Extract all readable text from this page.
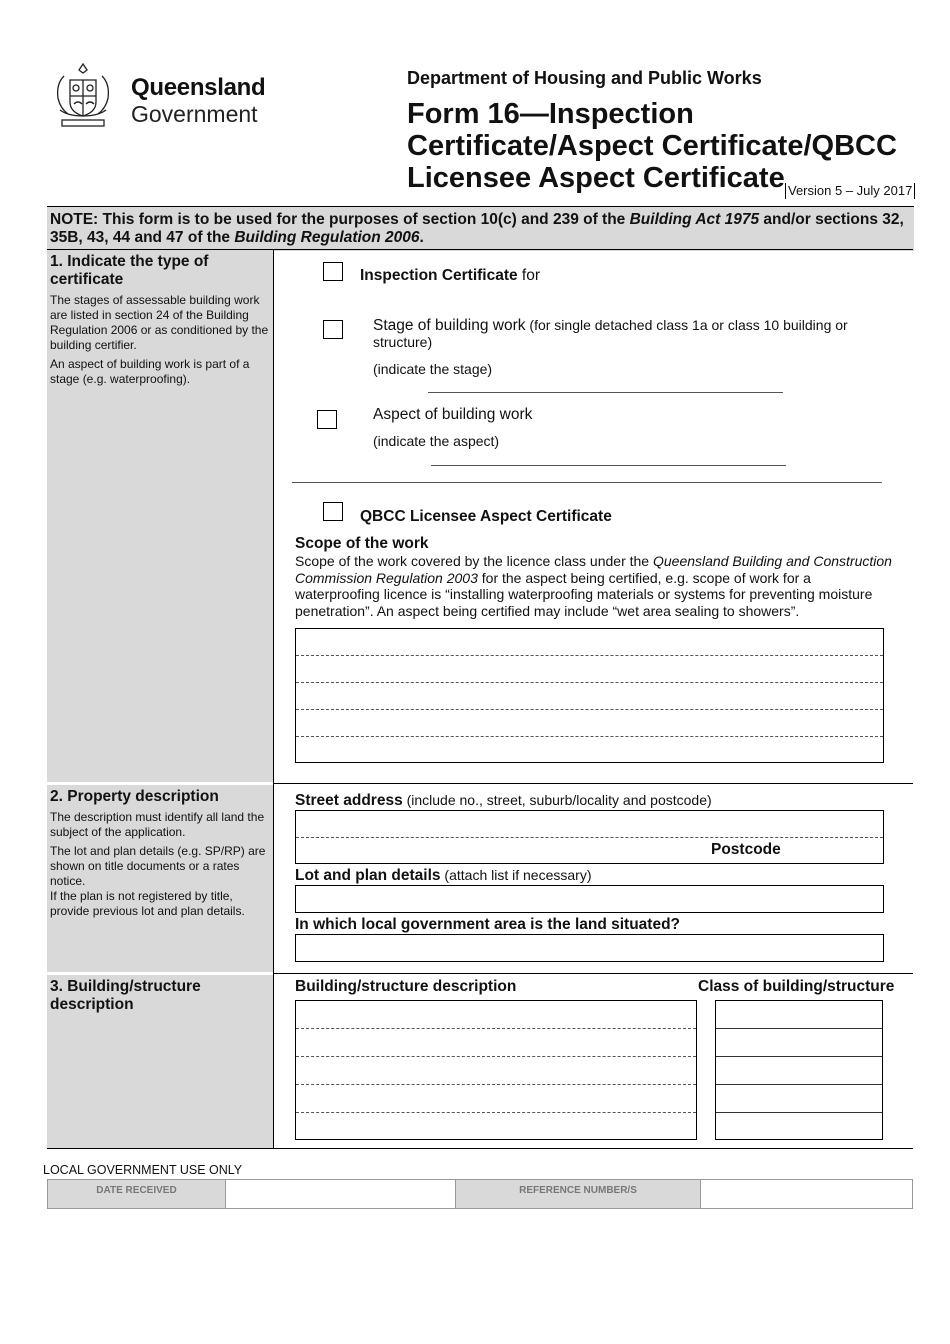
Queensland
Government
Department of Housing and Public Works
Form 16—Inspection Certificate/Aspect Certificate/QBCC Licensee Aspect Certificate Version 5 – July 2017
NOTE: This form is to be used for the purposes of section 10(c) and 239 of the Building Act 1975 and/or sections 32, 35B, 43, 44 and 47 of the Building Regulation 2006.
1. Indicate the type of certificate
The stages of assessable building work are listed in section 24 of the Building Regulation 2006 or as conditioned by the building certifier.
An aspect of building work is part of a stage (e.g. waterproofing).
2. Property description
The description must identify all land the subject of the application.
The lot and plan details (e.g. SP/RP) are shown on title documents or a rates notice.
If the plan is not registered by title, provide previous lot and plan details.
3. Building/structure description
Inspection Certificate for
Stage of building work (for single detached class 1a or class 10 building or structure)
(indicate the stage)
Aspect of building work
(indicate the aspect)
QBCC Licensee Aspect Certificate
Scope of the work
Scope of the work covered by the licence class under the Queensland Building and Construction Commission Regulation 2003 for the aspect being certified, e.g. scope of work for a waterproofing licence is “installing waterproofing materials or systems for preventing moisture penetration”. An aspect being certified may include “wet area sealing to showers”.
Street address (include no., street, suburb/locality and postcode)
Postcode
Lot and plan details (attach list if necessary)
In which local government area is the land situated?
Building/structure description	Class of building/structure
LOCAL GOVERNMENT USE ONLY
DATE RECEIVED	REFERENCE NUMBER/S
